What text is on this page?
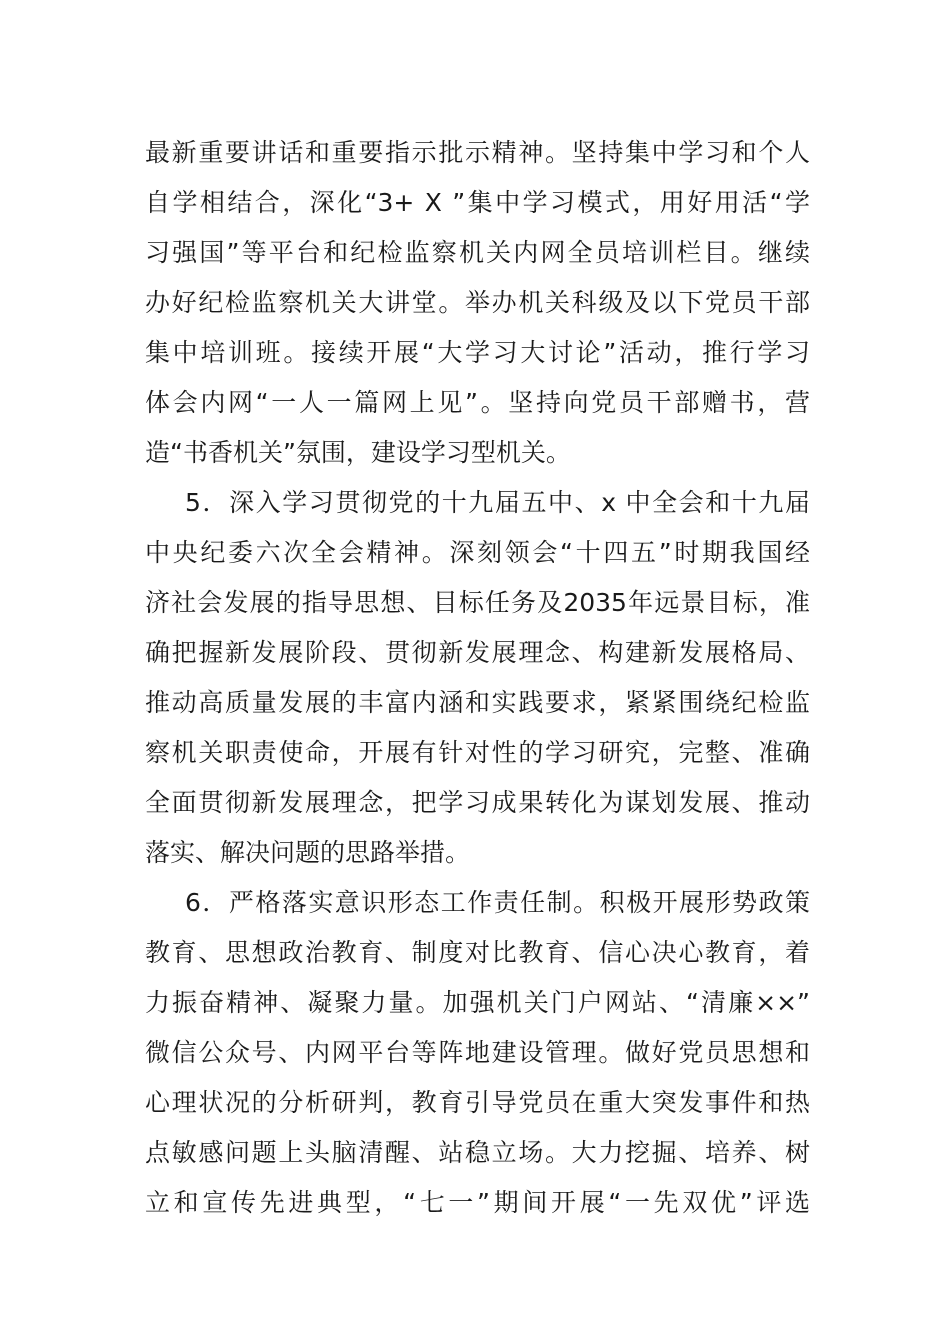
最新重要讲话和重要指示批示精神。坚持集中学习和个人
自学相结合，深化“3+ X ”集中学习模式，用好用活“学
习强国”等平台和纪检监察机关内网全员培训栏目。继续
办好纪检监察机关大讲堂。举办机关科级及以下党员干部
集中培训班。接续开展“大学习大讨论”活动，推行学习
体会内网“一人一篇网上见”。坚持向党员干部赠书，营
造“书香机关”氛围，建设学习型机关。
5．深入学习贯彻党的十九届五中、x 中全会和十九届
中央纪委六次全会精神。深刻领会“十四五”时期我国经
济社会发展的指导思想、目标任务及2035年远景目标，准
确把握新发展阶段、贯彻新发展理念、构建新发展格局、
推动高质量发展的丰富内涵和实践要求，紧紧围绕纪检监
察机关职责使命，开展有针对性的学习研究，完整、准确
全面贯彻新发展理念，把学习成果转化为谋划发展、推动
落实、解决问题的思路举措。
6．严格落实意识形态工作责任制。积极开展形势政策
教育、思想政治教育、制度对比教育、信心决心教育，着
力振奋精神、凝聚力量。加强机关门户网站、“清廉××”
微信公众号、内网平台等阵地建设管理。做好党员思想和
心理状况的分析研判，教育引导党员在重大突发事件和热
点敏感问题上头脑清醒、站稳立场。大力挖掘、培养、树
立和宣传先进典型，“七一”期间开展“一先双优”评选
